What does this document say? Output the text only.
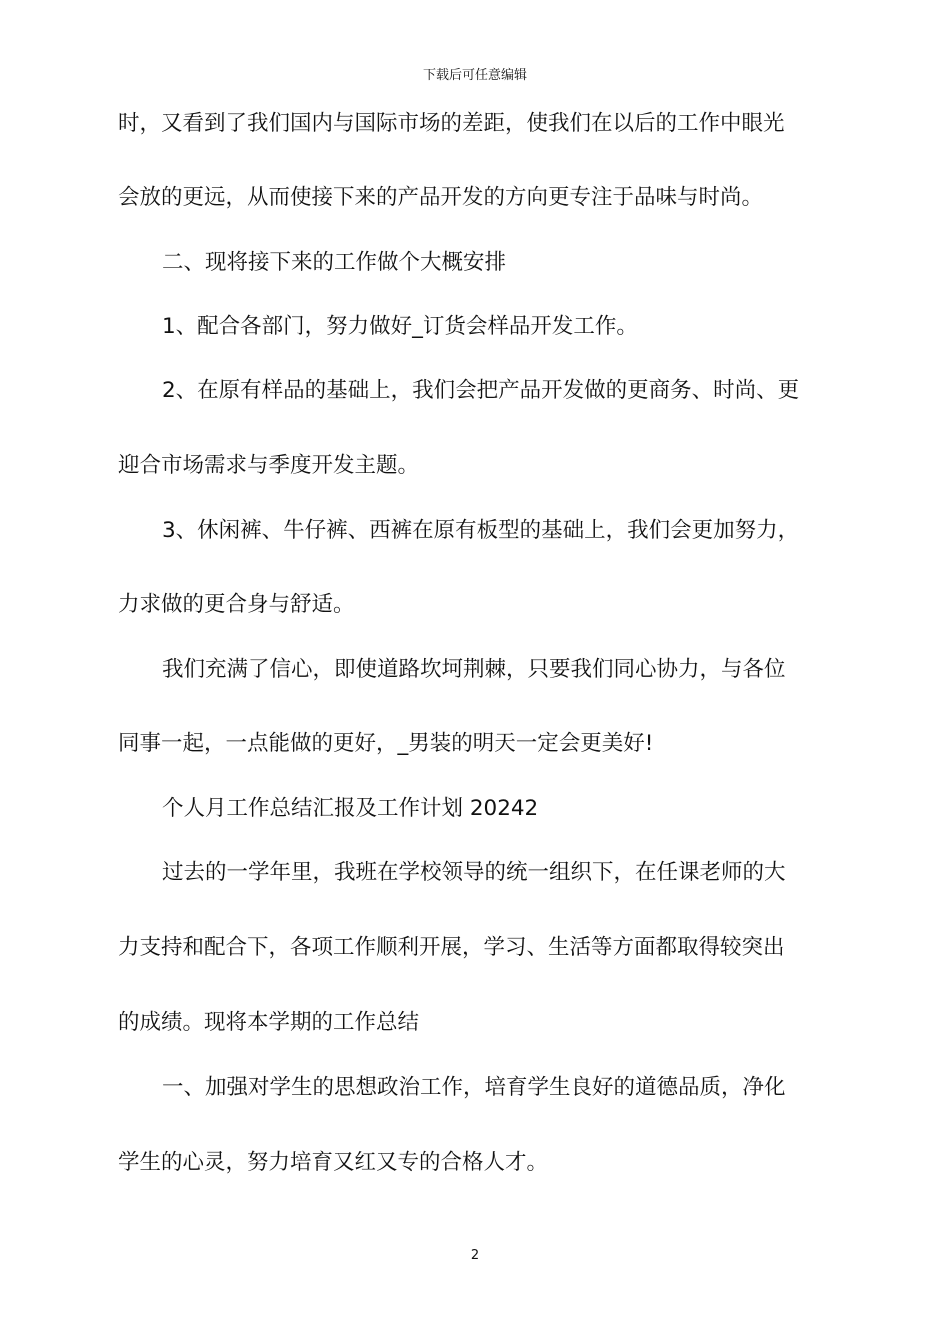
下载后可任意编辑
时，又看到了我们国内与国际市场的差距，使我们在以后的工作中眼光
会放的更远，从而使接下来的产品开发的方向更专注于品味与时尚。
二、现将接下来的工作做个大概安排
1、配合各部门，努力做好_订货会样品开发工作。
2、在原有样品的基础上，我们会把产品开发做的更商务、时尚、更
迎合市场需求与季度开发主题。
3、休闲裤、牛仔裤、西裤在原有板型的基础上，我们会更加努力，
力求做的更合身与舒适。
我们充满了信心，即使道路坎坷荆棘，只要我们同心协力，与各位
同事一起，一点能做的更好，_男装的明天一定会更美好!
个人月工作总结汇报及工作计划 20242
过去的一学年里，我班在学校领导的统一组织下，在任课老师的大
力支持和配合下，各项工作顺利开展，学习、生活等方面都取得较突出
的成绩。现将本学期的工作总结
一、加强对学生的思想政治工作，培育学生良好的道德品质，净化
学生的心灵，努力培育又红又专的合格人才。
2
